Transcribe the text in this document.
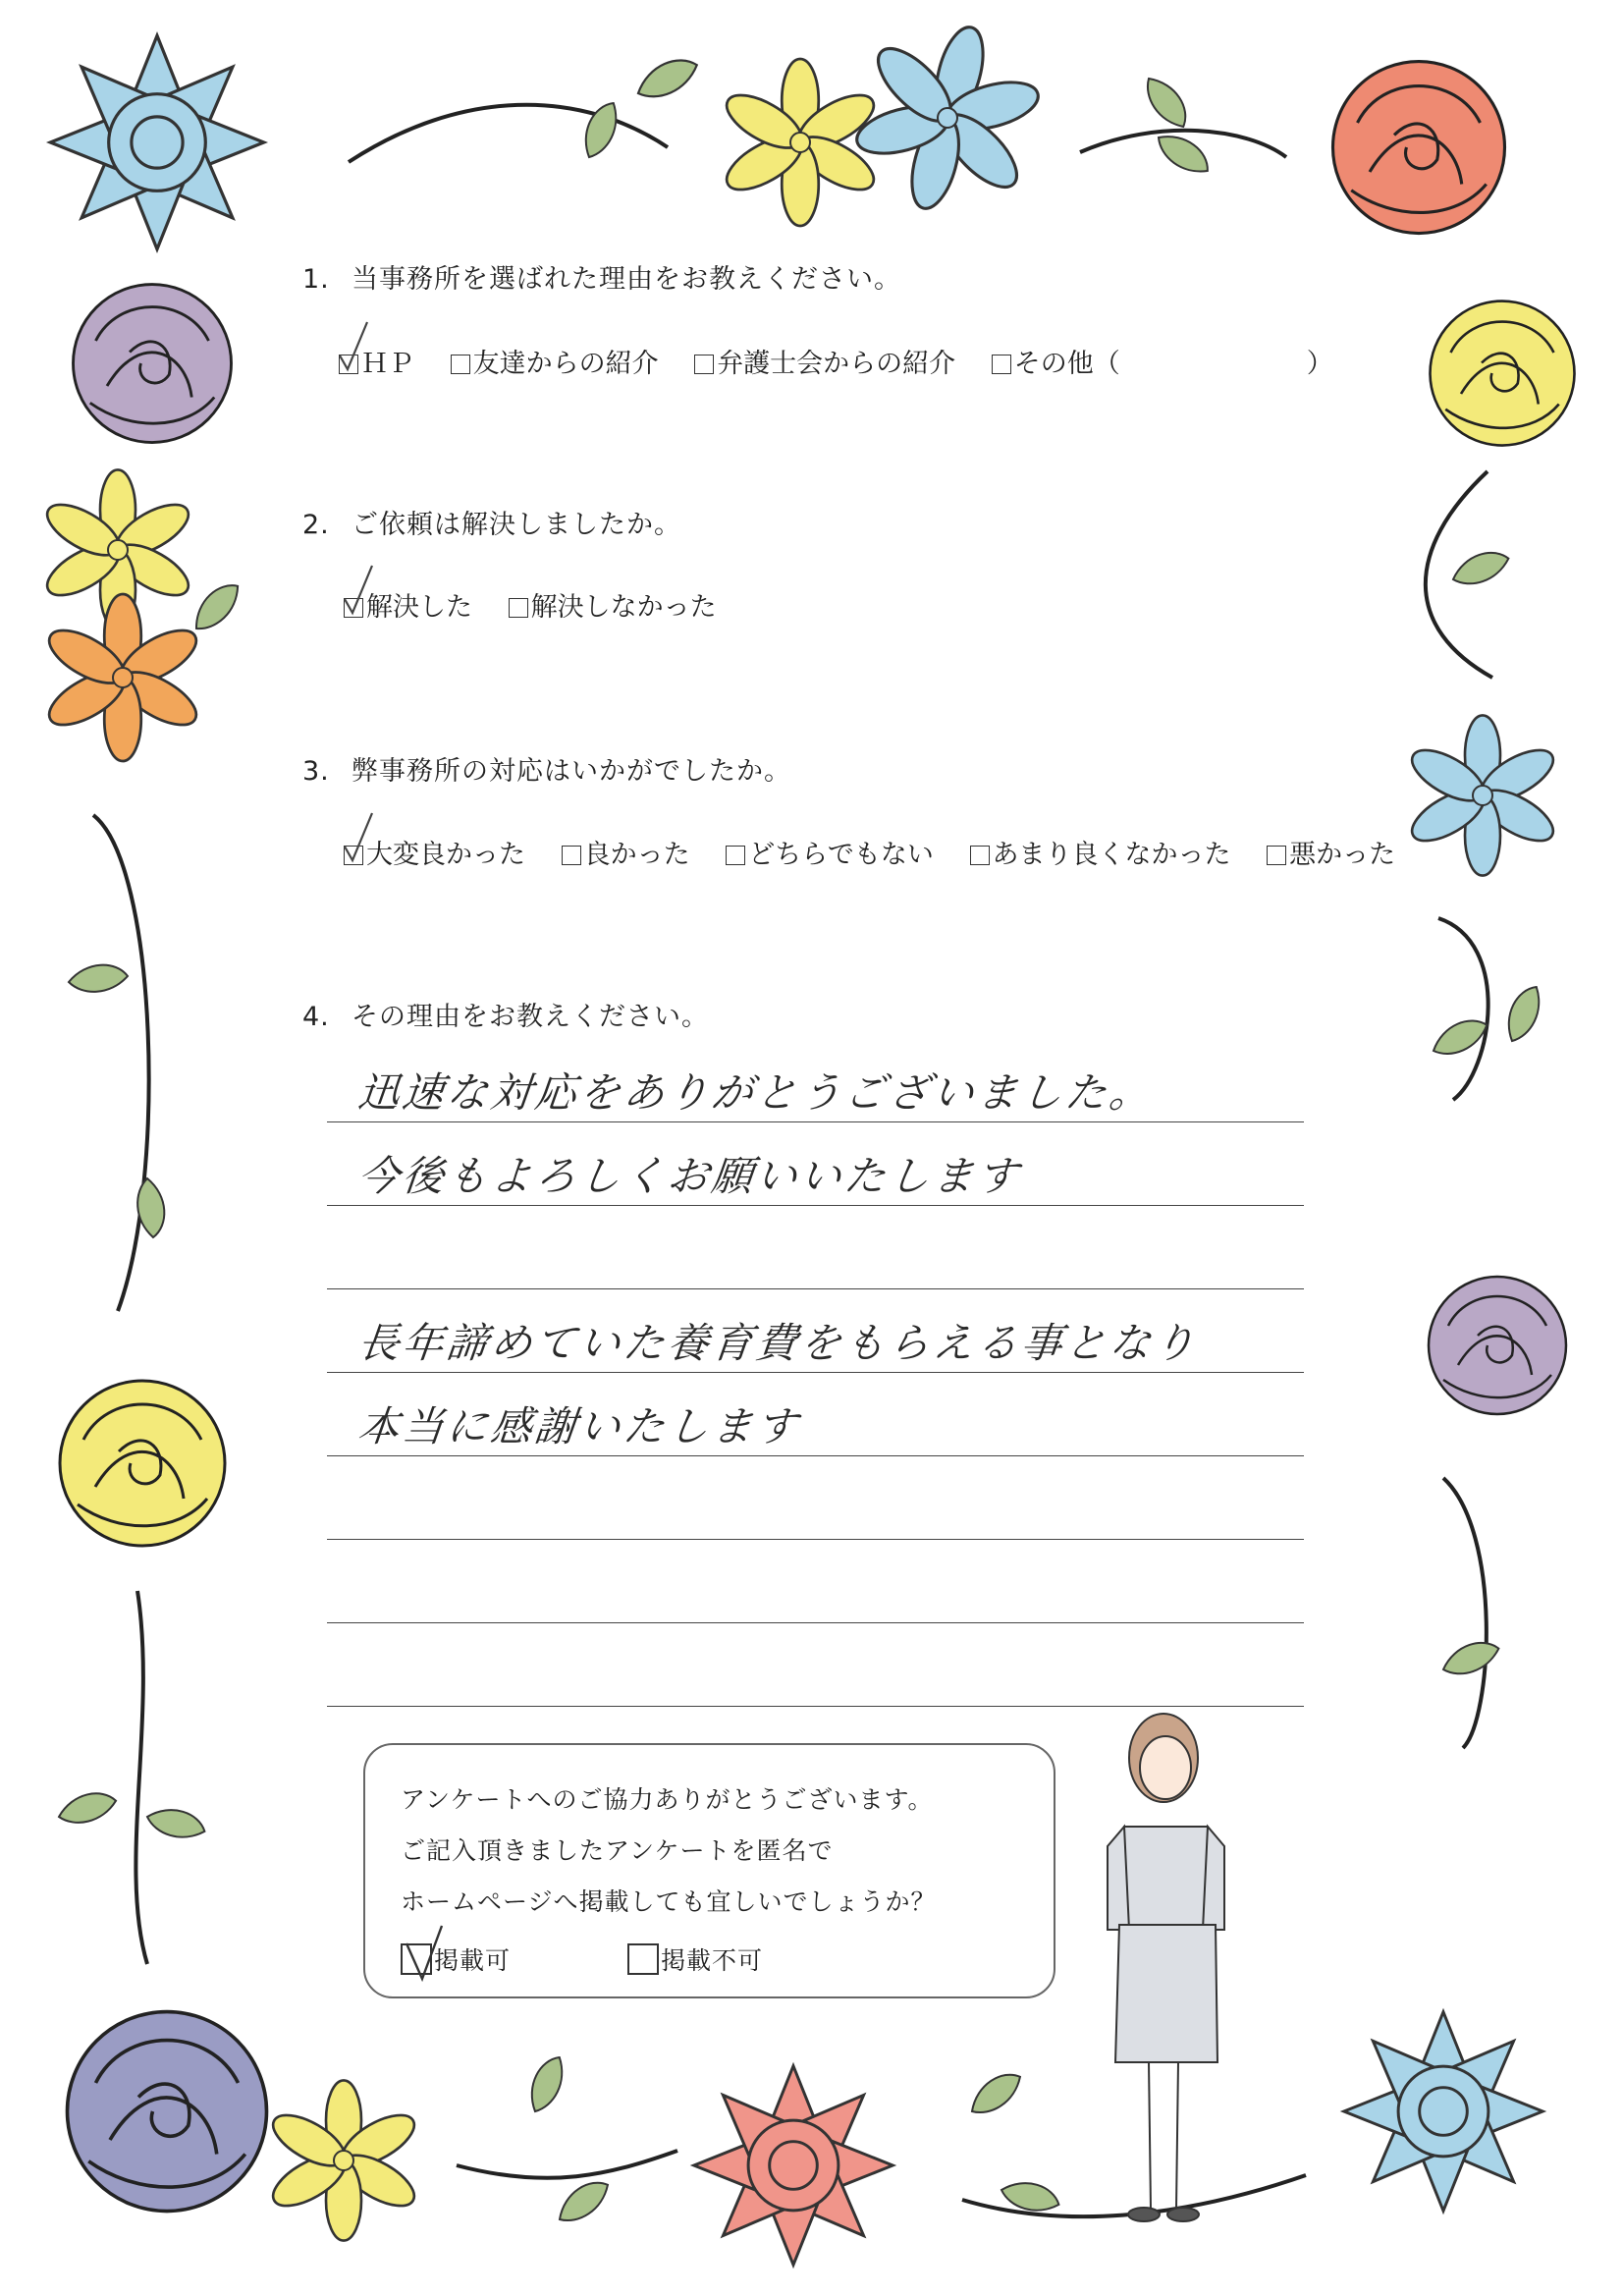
1. 当事務所を選ばれた理由をお教えください。
ＨＰ 友達からの紹介 弁護士会からの紹介 その他（	）
2. ご依頼は解決しましたか。
解決した 解決しなかった
3. 弊事務所の対応はいかがでしたか。
大変良かった 良かった どちらでもない あまり良くなかった 悪かった
4. その理由をお教えください。
迅速な対応をありがとうございました。
今後もよろしくお願いいたします
長年諦めていた養育費をもらえる事となり
本当に感謝いたします
アンケートへのご協力ありがとうございます。
ご記入頂きましたアンケートを匿名で
ホームページへ掲載しても宜しいでしょうか？
掲載可	掲載不可
